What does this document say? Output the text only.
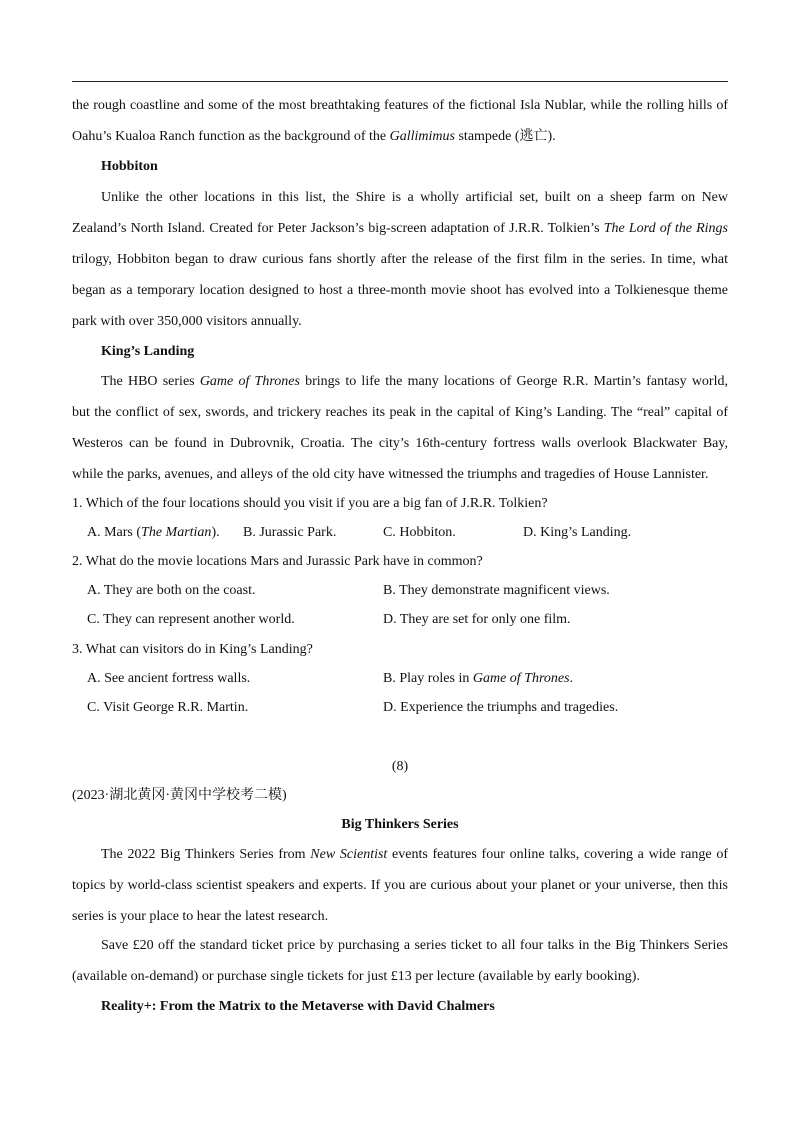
the rough coastline and some of the most breathtaking features of the fictional Isla Nublar, while the rolling hills of
Oahu’s Kualoa Ranch function as the background of the Gallimimus stampede (逃亡).
Hobbiton
Unlike the other locations in this list, the Shire is a wholly artificial set, built on a sheep farm on New
Zealand’s North Island. Created for Peter Jackson’s big-screen adaptation of J.R.R. Tolkien’s The Lord of the Rings
trilogy, Hobbiton began to draw curious fans shortly after the release of the first film in the series. In time, what
began as a temporary location designed to host a three-month movie shoot has evolved into a Tolkienesque theme
park with over 350,000 visitors annually.
King’s Landing
The HBO series Game of Thrones brings to life the many locations of George R.R. Martin’s fantasy world,
but the conflict of sex, swords, and trickery reaches its peak in the capital of King’s Landing. The “real” capital of
Westeros can be found in Dubrovnik, Croatia. The city’s 16th-century fortress walls overlook Blackwater Bay,
while the parks, avenues, and alleys of the old city have witnessed the triumphs and tragedies of House Lannister.
1. Which of the four locations should you visit if you are a big fan of J.R.R. Tolkien?
A. Mars (The Martian). B. Jurassic Park.	C. Hobbiton.	D. King’s Landing.
2. What do the movie locations Mars and Jurassic Park have in common?
A. They are both on the coast.	B. They demonstrate magnificent views.
C. They can represent another world.	D. They are set for only one film.
3. What can visitors do in King’s Landing?
A. See ancient fortress walls.	B. Play roles in Game of Thrones.
C. Visit George R.R. Martin.	D. Experience the triumphs and tragedies.
(8)
(2023·湖北黄冈·黄冈中学校考二模)
Big Thinkers Series
The 2022 Big Thinkers Series from New Scientist events features four online talks, covering a wide range of
topics by world-class scientist speakers and experts. If you are curious about your planet or your universe, then this
series is your place to hear the latest research.
Save £20 off the standard ticket price by purchasing a series ticket to all four talks in the Big Thinkers Series
(available on-demand) or purchase single tickets for just £13 per lecture (available by early booking).
Reality+: From the Matrix to the Metaverse with David Chalmers
